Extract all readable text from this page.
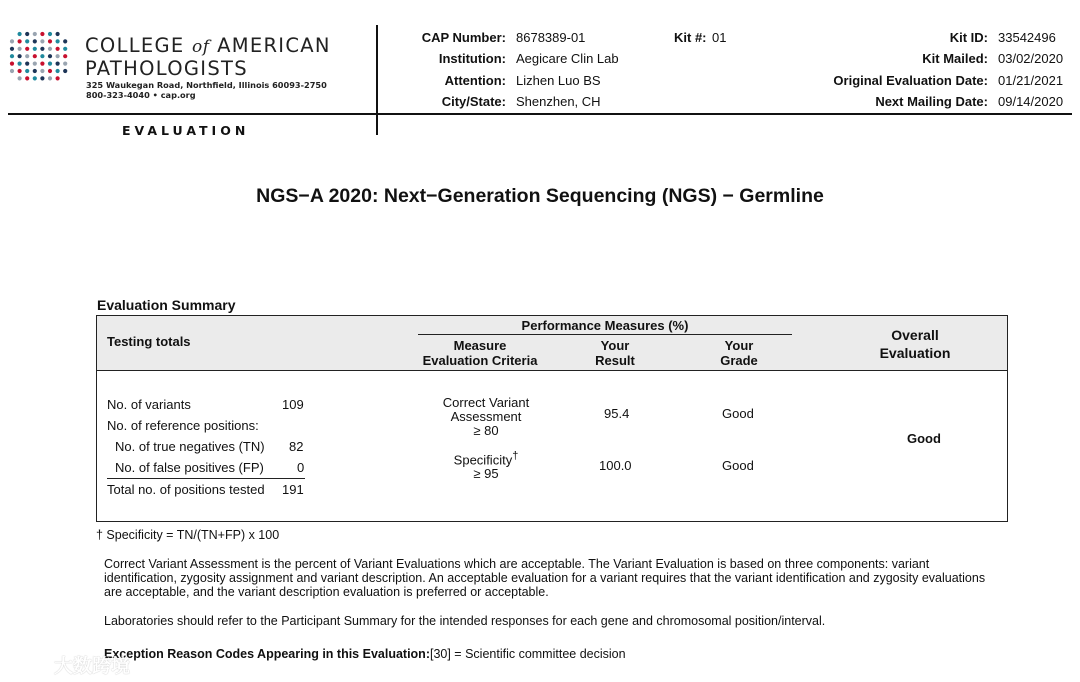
COLLEGE of AMERICAN
PATHOLOGISTS
325 Waukegan Road, Northfield, Illinois 60093-2750
800-323-4040 • cap.org
EVALUATION
CAP Number: 8678389-01
Institution: Aegicare Clin Lab
Attention: Lizhen Luo BS
City/State: Shenzhen, CH
Kit #: 01	Kit ID: 33542496
Kit Mailed: 03/02/2020
Original Evaluation Date: 01/21/2021
Next Mailing Date: 09/14/2020
NGS−A 2020: Next−Generation Sequencing (NGS) − Germline
Evaluation Summary
Testing totals
Performance Measures (%)
Measure
Evaluation Criteria
Your
Result
Your
Grade
Overall
Evaluation
No. of variants	109
No. of reference positions:
No. of true negatives (TN) 82
No. of false positives (FP)	0
Total no. of positions tested 191
Correct Variant
Assessment
≥ 80
95.4	Good
Specificity†
≥ 95
100.0	Good
Good
† Specificity = TN/(TN+FP) x 100
Correct Variant Assessment is the percent of Variant Evaluations which are acceptable. The Variant Evaluation is based on three components: variant identification, zygosity assignment and variant description. An acceptable evaluation for a variant requires that the variant identification and zygosity evaluations are acceptable, and the variant description evaluation is preferred or acceptable.
Laboratories should refer to the Participant Summary for the intended responses for each gene and chromosomal position/interval.
Exception Reason Codes Appearing in this Evaluation:[30] = Scientific committee decision
大数跨境
